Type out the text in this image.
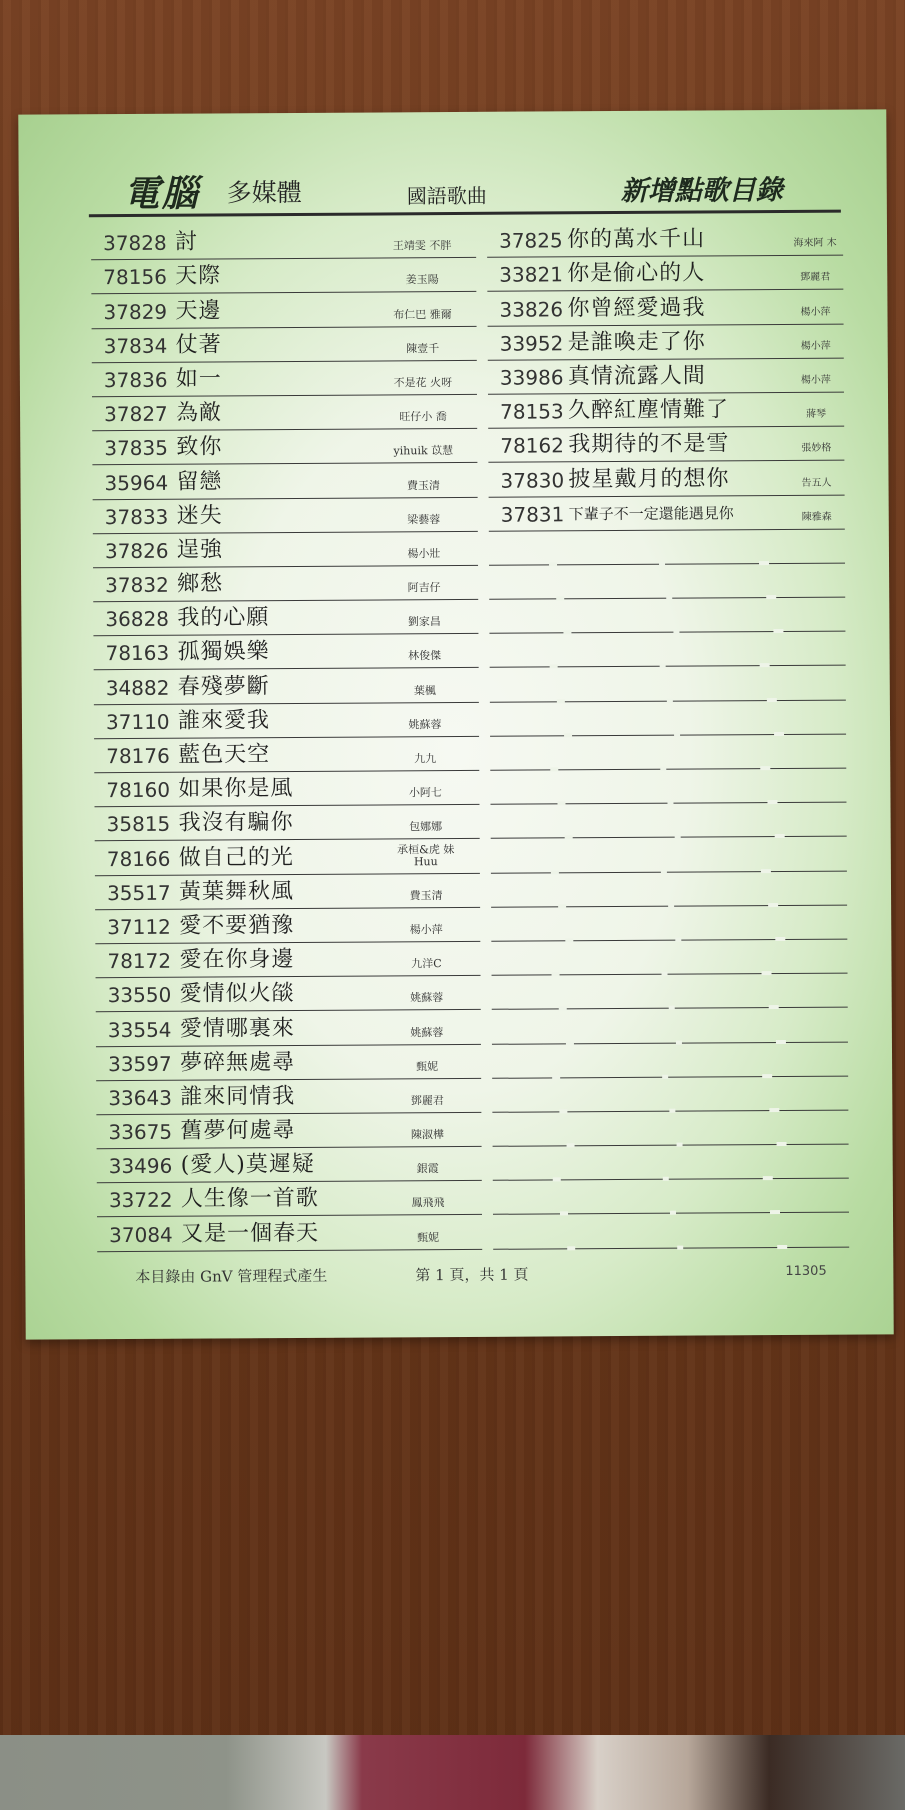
電腦 多媒體	國語歌曲	新增點歌目錄
37828 討	王靖雯 不胖
78156 天際	姜玉陽
37829 天邊	布仁巴 雅爾
37834 仗著	陳壹千
37836 如一	不是花 火呀
37827 為敵	旺仔小 喬
37835 致你	yihuik 苡慧
35964 留戀	費玉清
37833 迷失	梁藝蓉
37826 逞強	楊小壯
37832 鄉愁	阿吉仔
36828 我的心願	劉家昌
78163 孤獨娛樂	林俊傑
34882 春殘夢斷	葉楓
37110 誰來愛我	姚蘇蓉
78176 藍色天空	九九
78160 如果你是風	小阿七
35815 我沒有騙你	包娜娜
78166 做自己的光	承桓&虎 妹Huu
35517 黃葉舞秋風	費玉清
37112 愛不要猶豫	楊小萍
78172 愛在你身邊	九洋C
33550 愛情似火燄	姚蘇蓉
33554 愛情哪裏來	姚蘇蓉
33597 夢碎無處尋	甄妮
33643 誰來同情我	鄧麗君
33675 舊夢何處尋	陳淑樺
33496 (愛人)莫遲疑	銀霞
33722 人生像一首歌	鳳飛飛
37084 又是一個春天	甄妮
37825 你的萬水千山	海來阿 木
33821 你是偷心的人	鄧麗君
33826 你曾經愛過我	楊小萍
33952 是誰喚走了你	楊小萍
33986 真情流露人間	楊小萍
78153 久醉紅塵情難了	蔣琴
78162 我期待的不是雪	張妙格
37830 披星戴月的想你	告五人
37831 下輩子不一定還能遇見你	陳雅森
本目錄由 GnV 管理程式產生	第 1 頁，共 1 頁	11305
